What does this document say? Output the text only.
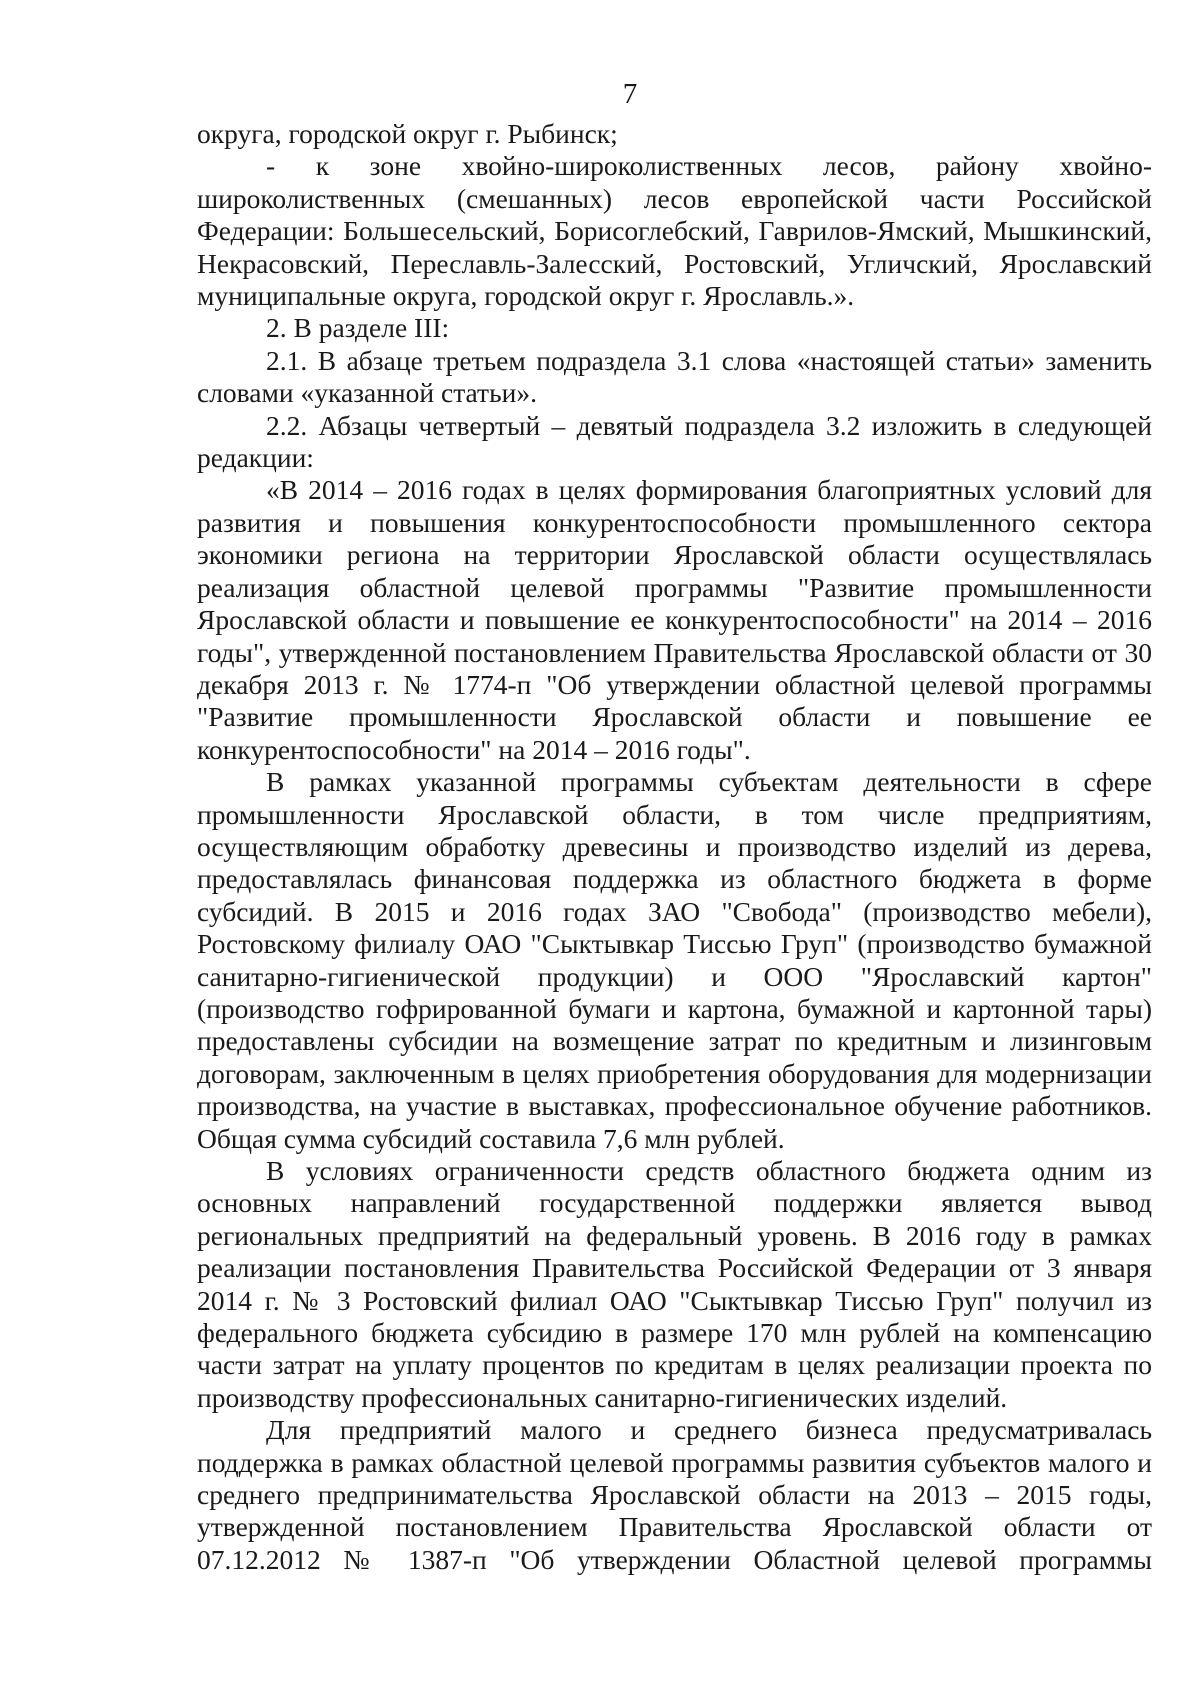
7

округа, городской округ г. Рыбинск;

- к зоне хвойно-широколиственных лесов, району хвойно-широколиственных (смешанных) лесов европейской части Российской Федерации: Большесельский, Борисоглебский, Гаврилов-Ямский, Мышкинский, Некрасовский, Переславль-Залесский, Ростовский, Угличский, Ярославский муниципальные округа, городской округ г. Ярославль.».

2. В разделе III:

2.1. В абзаце третьем подраздела 3.1 слова «настоящей статьи» заменить словами «указанной статьи».

2.2. Абзацы четвертый – девятый подраздела 3.2 изложить в следующей редакции:

«В 2014 – 2016 годах в целях формирования благоприятных условий для развития и повышения конкурентоспособности промышленного сектора экономики региона на территории Ярославской области осуществлялась реализация областной целевой программы "Развитие промышленности Ярославской области и повышение ее конкурентоспособности" на 2014 – 2016 годы", утвержденной постановлением Правительства Ярославской области от 30 декабря 2013 г. № 1774-п "Об утверждении областной целевой программы "Развитие промышленности Ярославской области и повышение ее конкурентоспособности" на 2014 – 2016 годы".

В рамках указанной программы субъектам деятельности в сфере промышленности Ярославской области, в том числе предприятиям, осуществляющим обработку древесины и производство изделий из дерева, предоставлялась финансовая поддержка из областного бюджета в форме субсидий. В 2015 и 2016 годах ЗАО "Свобода" (производство мебели), Ростовскому филиалу ОАО "Сыктывкар Тиссью Груп" (производство бумажной санитарно-гигиенической продукции) и ООО "Ярославский картон" (производство гофрированной бумаги и картона, бумажной и картонной тары) предоставлены субсидии на возмещение затрат по кредитным и лизинговым договорам, заключенным в целях приобретения оборудования для модернизации производства, на участие в выставках, профессиональное обучение работников. Общая сумма субсидий составила 7,6 млн рублей.

В условиях ограниченности средств областного бюджета одним из основных направлений государственной поддержки является вывод региональных предприятий на федеральный уровень. В 2016 году в рамках реализации постановления Правительства Российской Федерации от 3 января 2014 г. № 3 Ростовский филиал ОАО "Сыктывкар Тиссью Груп" получил из федерального бюджета субсидию в размере 170 млн рублей на компенсацию части затрат на уплату процентов по кредитам в целях реализации проекта по производству профессиональных санитарно-гигиенических изделий.

Для предприятий малого и среднего бизнеса предусматривалась поддержка в рамках областной целевой программы развития субъектов малого и среднего предпринимательства Ярославской области на 2013 – 2015 годы, утвержденной постановлением Правительства Ярославской области от 07.12.2012 № 1387-п "Об утверждении Областной целевой программы
